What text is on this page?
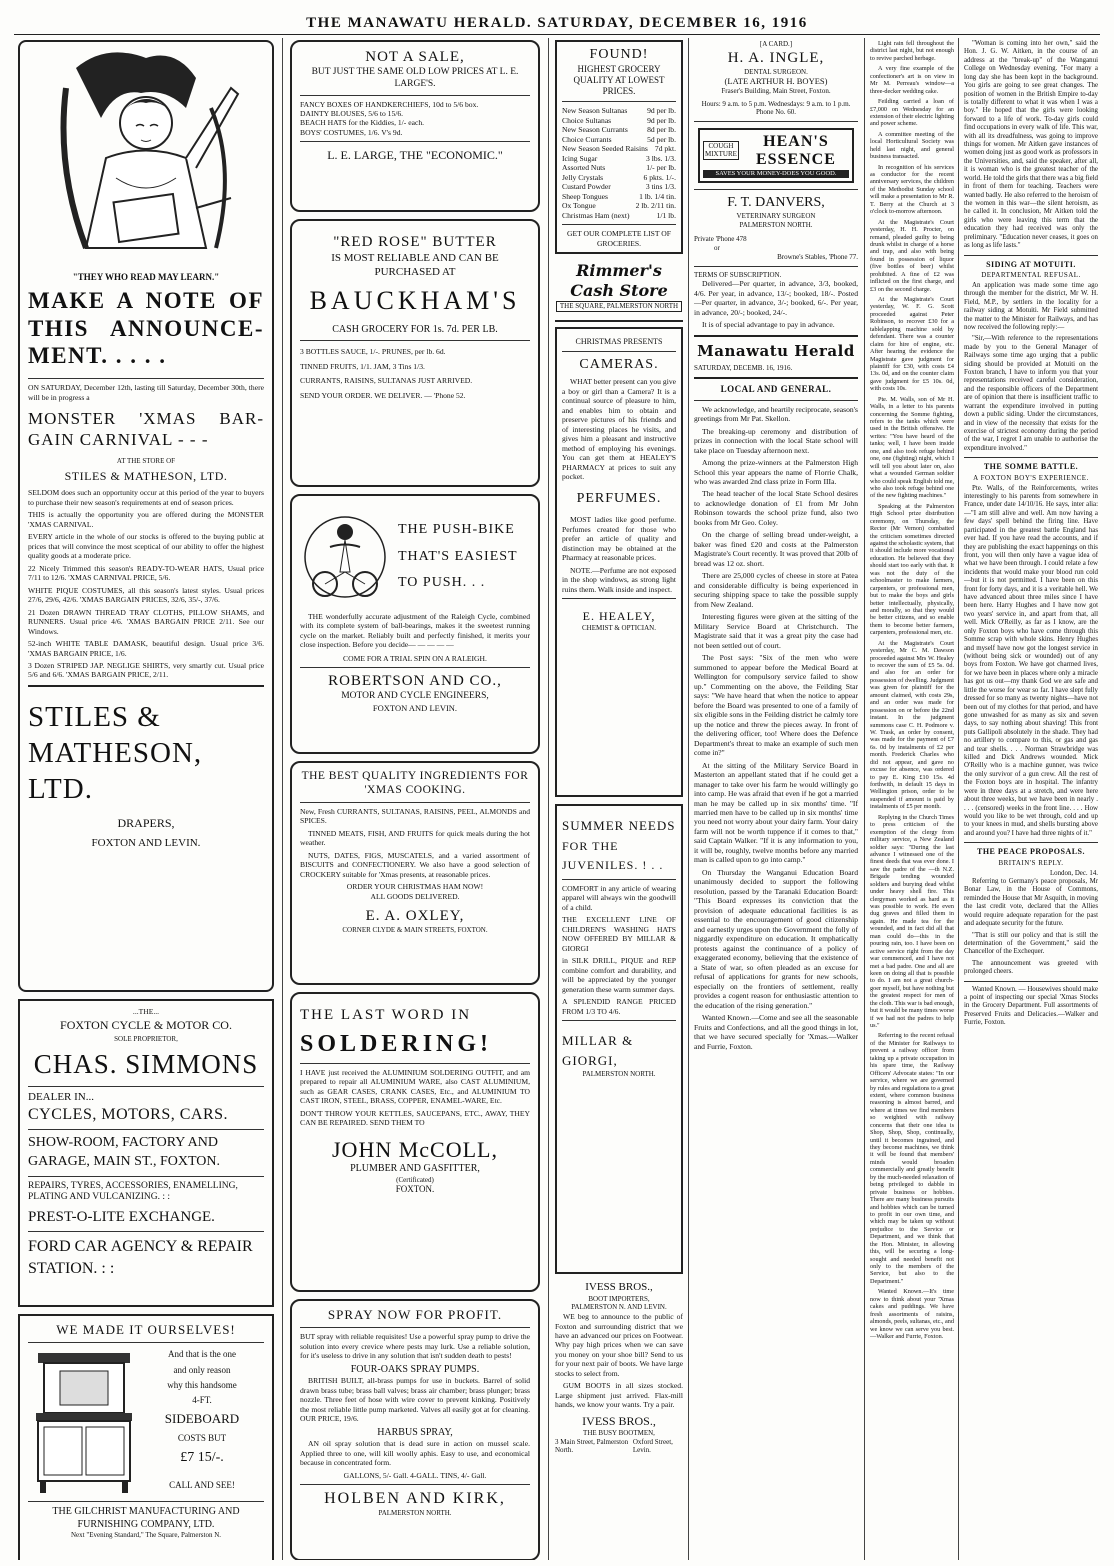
THE MANAWATU HERALD. SATURDAY, DECEMBER 16, 1916
"THEY WHO READ MAY LEARN."
MAKE A NOTE OF THIS ANNOUNCE-MENT. . . . .

ON SATURDAY, December 12th, lasting till Saturday, December 30th, there will be in progress a

MONSTER 'XMAS BAR-GAIN CARNIVAL - - -
AT THE STORE OF
STILES & MATHESON, LTD.

SELDOM does such an opportunity occur at this period of the year to buyers to purchase their new season's requirements at end of season prices.

THIS is actually the opportunity you are offered during the MONSTER 'XMAS CARNIVAL.

EVERY article in the whole of our stocks is offered to the buying public at prices that will convince the most sceptical of our ability to offer the highest quality goods at a moderate price.

22 Nicely Trimmed this season's READY-TO-WEAR HATS, Usual price 7/11 to 12/6. 'XMAS CARNIVAL PRICE, 5/6.

WHITE PIQUE COSTUMES, all this season's latest styles. Usual prices 27/6, 29/6, 42/6. 'XMAS BARGAIN PRICES, 32/6, 35/-, 37/6.

21 Dozen DRAWN THREAD TRAY CLOTHS, PILLOW SHAMS, and RUNNERS. Usual price 4/6. 'XMAS BARGAIN PRICE 2/11. See our Windows.

52-inch WHITE TABLE DAMASK, beautiful design. Usual price 3/6. 'XMAS BARGAIN PRICE, 1/6.

3 Dozen STRIPED JAP. NEGLIGE SHIRTS, very smartly cut. Usual price 5/6 and 6/6. 'XMAS BARGAIN PRICE, 2/11.

STILES & MATHESON, LTD.
DRAPERS,
FOXTON AND LEVIN.
...THE...
FOXTON CYCLE & MOTOR CO.
SOLE PROPRIETOR,
CHAS. SIMMONS
DEALER IN...
CYCLES, MOTORS, CARS.
SHOW-ROOM, FACTORY AND GARAGE, MAIN ST., FOXTON.
REPAIRS, TYRES, ACCESSORIES, ENAMELLING, PLATING AND VULCANIZING. : :
PREST-O-LITE EXCHANGE.
FORD CAR AGENCY & REPAIR STATION. : :
WE MADE IT OURSELVES!
And that is the one
and only reason
why this handsome
4-FT.
SIDEBOARD
COSTS BUT
£7 15/-.
CALL AND SEE!
THE GILCHRIST MANUFACTURING AND FURNISHING COMPANY, LTD.
Next "Evening Standard," The Square, Palmerston N.
NOT A SALE,
BUT JUST THE SAME OLD LOW PRICES AT L. E. LARGE'S.
FANCY BOXES OF HANDKERCHIEFS, 10d to 5/6 box.
DAINTY BLOUSES, 5/6 to 15/6.
BEACH HATS for the Kiddies, 1/- each.
BOYS' COSTUMES, 1/6. V's 9d.
L. E. LARGE, THE "ECONOMIC."
"RED ROSE" BUTTER
IS MOST RELIABLE AND CAN BE
PURCHASED AT
BAUCKHAM'S
CASH GROCERY FOR 1s. 7d. PER LB.
3 BOTTLES SAUCE, 1/-. PRUNES, per lb. 6d.
TINNED FRUITS, 1/1. JAM, 3 Tins 1/3.
CURRANTS, RAISINS, SULTANAS JUST ARRIVED.
SEND YOUR ORDER. WE DELIVER. — 'Phone 52.
THE PUSH-BIKE
THAT'S EASIEST
TO PUSH. . .

THE wonderfully accurate adjustment of the Raleigh Cycle, combined with its complete system of ball-bearings, makes it the sweetest running cycle on the market. Reliably built and perfectly finished, it merits your close inspection. Before you decide— — — — —

COME FOR A TRIAL SPIN ON A RALEIGH.
ROBERTSON AND CO.,
MOTOR AND CYCLE ENGINEERS,
FOXTON AND LEVIN.
THE BEST QUALITY INGREDIENTS FOR 'XMAS COOKING.

New, Fresh CURRANTS, SULTANAS, RAISINS, PEEL, ALMONDS and SPICES.

TINNED MEATS, FISH, AND FRUITS for quick meals during the hot weather.

NUTS, DATES, FIGS, MUSCATELS, and a varied assortment of BISCUITS and CONFECTIONERY. We also have a good selection of CROCKERY suitable for 'Xmas presents, at reasonable prices.

ORDER YOUR CHRISTMAS HAM NOW!
ALL GOODS DELIVERED.
E. A. OXLEY,
CORNER CLYDE & MAIN STREETS, FOXTON.
THE LAST WORD IN
SOLDERING!

I HAVE just received the ALUMINIUM SOLDERING OUTFIT, and am prepared to repair all ALUMINIUM WARE, also CAST ALUMINIUM, such as GEAR CASES, CRANK CASES, Etc., and ALUMINIUM TO CAST IRON, STEEL, BRASS, COPPER, ENAMEL-WARE, Etc.

DON'T THROW YOUR KETTLES, SAUCEPANS, ETC., AWAY, THEY CAN BE REPAIRED. SEND THEM TO

JOHN McCOLL,
PLUMBER AND GASFITTER,
(Certificated)
FOXTON.
SPRAY NOW FOR PROFIT.

BUT spray with reliable requisites! Use a powerful spray pump to drive the solution into every crevice where pests may lurk. Use a reliable solution, for it's useless to drive in any solution that isn't sudden death to pests!

FOUR-OAKS SPRAY PUMPS.

BRITISH BUILT, all-brass pumps for use in buckets. Barrel of solid drawn brass tube; brass ball valves; brass air chamber; brass plunger; brass nozzle. Three feet of hose with wire cover to prevent kinking. Positively the most reliable little pump marketed. Valves all easily got at for cleaning. OUR PRICE, 19/6.

HARBUS SPRAY,

AN oil spray solution that is dead sure in action on mussel scale. Applied three to one, will kill woolly aphis. Easy to use, and economical because in concentrated form.

GALLONS, 5/- Gall. 4-GALL. TINS, 4/- Gall.
HOLBEN AND KIRK,
PALMERSTON NORTH.
FOUND!
HIGHEST GROCERY QUALITY AT LOWEST PRICES.
New Season Sultanas	9d per lb.
Choice Sultanas	9d per lb.
New Season Currants	8d per lb.
Choice Currants	5d per lb.
New Season Seeded Raisins 7d pkt.
Icing Sugar	3 lbs. 1/3.
Assorted Nuts	1/- per lb.
Jelly Crystals	6 pkts. 1/-.
Custard Powder	3 tins 1/3.
Sheep Tongues	1 lb. 1/4 tin.
Ox Tongue	2 lb. 2/11 tin.
Christmas Ham (next)	1/1 lb.
GET OUR COMPLETE LIST OF GROCERIES.
Rimmer's Cash Store
THE SQUARE, PALMERSTON NORTH
CHRISTMAS PRESENTS
CAMERAS.

WHAT better present can you give a boy or girl than a Camera? It is a continual source of pleasure to him, and enables him to obtain and preserve pictures of his friends and of interesting places he visits, and gives him a pleasant and instructive method of employing his evenings. You can get them at HEALEY'S PHARMACY at prices to suit any pocket.

PERFUMES.

MOST ladies like good perfume. Perfumes created for those who prefer an article of quality and distinction may be obtained at the Pharmacy at reasonable prices.

NOTE.—Perfume are not exposed in the shop windows, as strong light ruins them. Walk inside and inspect.

E. HEALEY,
CHEMIST & OPTICIAN.
SUMMER NEEDS
FOR THE JUVENILES. ! . .

COMFORT in any article of wearing apparel will always win the goodwill of a child.

THE EXCELLENT LINE OF CHILDREN'S WASHING HATS NOW OFFERED BY MILLAR & GIORGI

in SILK DRILL, PIQUE and REP combine comfort and durability, and will be appreciated by the younger generation these warm summer days.

A SPLENDID RANGE PRICED FROM 1/3 TO 4/6.

MILLAR & GIORGI,
PALMERSTON NORTH.
IVESS BROS.,
BOOT IMPORTERS,
PALMERSTON N. AND LEVIN.

WE beg to announce to the public of Foxton and surrounding district that we have an advanced our prices on Footwear. Why pay high prices when we can save you money on your shoe bill? Send to us for your next pair of boots. We have large stocks to select from.

GUM BOOTS in all sizes stocked. Large shipment just arrived. Flax-mill hands, we know your wants. Try a pair.

IVESS BROS.,
THE BUSY BOOTMEN,
3 Main Street, Palmerston North.
Oxford Street, Levin.
[A CARD.]
H. A. INGLE,
DENTAL SURGEON.
(LATE ARTHUR H. BOYES)
Fraser's Building, Main Street, Foxton.
Hours: 9 a.m. to 5 p.m. Wednesdays: 9 a.m. to 1 p.m.
Phone No. 60.
COUGH
MIXTURE
HEAN'S ESSENCE
SAVES YOUR MONEY-DOES YOU GOOD.
F. T. DANVERS,
VETERINARY SURGEON
PALMERSTON NORTH.
Private 'Phone 478
or
Browne's Stables, 'Phone 77.
TERMS OF SUBSCRIPTION.

Delivered—Per quarter, in advance, 3/3, booked, 4/6. Per year, in advance, 13/-; booked, 18/-. Posted—Per quarter, in advance, 3/-; booked, 6/-. Per year, in advance, 20/-; booked, 24/-.

It is of special advantage to pay in advance.

Manawatu Herald
SATURDAY, DECEMB. 16, 1916.
LOCAL AND GENERAL.

We acknowledge, and heartily reciprocate, season's greetings from Mr Pat. Skellon.

The breaking-up ceremony and distribution of prizes in connection with the local State school will take place on Tuesday afternoon next.

Among the prize-winners at the Palmerston High School this year appears the name of Florrie Chalk, who was awarded 2nd class prize in Form IIIa.

The head teacher of the local State School desires to acknowledge donation of £1 from Mr John Robinson towards the school prize fund, also two books from Mr Geo. Coley.

On the charge of selling bread under-weight, a baker was fined £20 and costs at the Palmerston Magistrate's Court recently. It was proved that 20lb of bread was 12 oz. short.

There are 25,000 cycles of cheese in store at Patea and considerable difficulty is being experienced in securing shipping space to take the possible supply from New Zealand.

Interesting figures were given at the sitting of the Military Service Board at Christchurch. The Magistrate said that it was a great pity the case had not been settled out of court.

The Post says: "Six of the men who were summoned to appear before the Medical Board at Wellington for compulsory service failed to show up." Commenting on the above, the Feilding Star says: "We have heard that when the notice to appear before the Board was presented to one of a family of six eligible sons in the Feilding district he calmly tore up the notice and threw the pieces away. In front of the delivering officer, too! Where does the Defence Department's threat to make an example of such men come in?"

At the sitting of the Military Service Board in Masterton an appellant stated that if he could get a manager to take over his farm he would willingly go into camp. He was afraid that even if he got a married man he may be called up in six months' time. "If married men have to be called up in six months' time you need not worry about your dairy farm. Your dairy farm will not be worth tuppence if it comes to that," said Captain Walker. "If it is any information to you, it will be, roughly, twelve months before any married man is called upon to go into camp."

On Thursday the Wanganui Education Board unanimously decided to support the following resolution, passed by the Taranaki Education Board: "This Board expresses its conviction that the provision of adequate educational facilities is as essential to the encouragement of good citizenship and earnestly urges upon the Government the folly of niggardly expenditure on education. It emphatically protests against the continuance of a policy of exaggerated economy, believing that the existence of a State of war, so often pleaded as an excuse for refusal of applications for grants for new schools, especially on the frontiers of settlement, really provides a cogent reason for enthusiastic attention to the education of the rising generation."

Wanted Known.—Come and see all the seasonable Fruits and Confections, and all the good things in lot, that we have secured specially for 'Xmas.—Walker and Furrie, Foxton.

Light rain fell throughout the district last night, but not enough to revive parched herbage.

A very fine example of the confectioner's art is on view in Mr M. Perreau's window—a three-decker wedding cake.

Feilding carried a loan of £7,000 on Wednesday for an extension of their electric lighting and power scheme.

A committee meeting of the local Horticultural Society was held last night, and general business transacted.

In recognition of his services as conductor for the recent anniversary services, the children of the Methodist Sunday school will make a presentation to Mr R. T. Berry at the Church at 3 o'clock to-morrow afternoon.

At the Magistrate's Court yesterday, H. H. Procter, on remand, pleaded guilty to being drunk whilst in charge of a horse and trap, and also with being found in possession of liquor (five bottles of beer) whilst prohibited. A fine of £2 was inflicted on the first charge, and £3 on the second charge.

At the Magistrate's Court yesterday, W. F. G. Scott proceeded against Peter Robinson, to recover £30 for a tablelapping machine sold by defendant. There was a counter claim for hire of engine, etc. After hearing the evidence the Magistrate gave judgment for plaintiff for £30, with costs £4 13s. 0d, and on the counter claim gave judgment for £5 10s. 0d, with costs 10s.

Pte. M. Walls, son of Mr H. Walls, in a letter to his parents concerning the Somme fighting, refers to the tanks which were used in the British offensive. He writes: "You have heard of the tanks; well, I have been inside one, and also took refuge behind one, one (fighting) night, which I will tell you about later on, also what a wounded German soldier who could speak English told me, who also took refuge behind one of the new fighting machines."

Speaking at the Palmerston High School prize distribution ceremony, on Thursday, the Rector (Mr Vernon) combatted the criticism sometimes directed against the scholastic system, that it should include more vocational education. He believed that they should start too early with that. It was not the duty of the schoolmaster to make farmers, carpenters, or professional men, but to make the boys and girls better intellectually, physically, and morally, so that they would be better citizens, and so enable them to become better farmers, carpenters, professional men, etc.

At the Magistrate's Court yesterday, Mr C. M. Dawson proceeded against Mrs W. Healey to recover the sum of £5 5s. 0d. and also for an order for possession of dwelling. Judgment was given for plaintiff for the amount claimed, with costs 29s, and an order was made for possession on or before the 22nd instant. In the judgment summons case C. H. Podmore v. W. Trask, an order by consent, was made for the payment of £7 6s. 0d by instalments of £2 per month. Frederick Charles who did not appear, and gave no excuse for absence, was ordered to pay E. King £10 15s. 4d forthwith, in default 15 days in Wellington prison, order to be suspended if amount is paid by instalments of £5 per month.

Replying in the Church Times to press criticism of the exemption of the clergy from military service, a New Zealand soldier says: "During the last advance I witnessed one of the finest deeds that was ever done. I saw the padre of the —th N.Z. Brigade tending wounded soldiers and burying dead whilst under heavy shell fire. This clergyman worked as hard as it was possible to work. He even dug graves and filled them in again. He made tea for the wounded, and in fact did all that man could do—this in the pouring rain, too. I have been on active service right from the day war commenced, and I have not met a bad padre. One and all are keen on doing all that is possible to do. I am not a great church-goer myself, but have nothing but the greatest respect for men of the cloth. This war is bad enough, but it would be many times worse if we had not the padres to help us."

Referring to the recent refusal of the Minister for Railways to prevent a railway officer from taking up a private occupation in his spare time, the Railway Officers' Advocate states: "In our service, where we are governed by rules and regulations to a great extent, where common business reasoning is almost barred, and where at times we find members so weighted with railway concerns that their one idea is Shop, Shop, Shop, continually, until it becomes ingrained, and they become machines, we think it will be found that members' minds would broaden commercially and greatly benefit by the much-needed relaxation of being privileged to dabble in private business or hobbies. There are many business pursuits and hobbies which can be turned to profit in our own time, and which may be taken up without prejudice to the Service or Department, and we think that the Hon. Minister, in allowing this, will be securing a long-sought and needed benefit not only to the members of the Service, but also to the Department."

Wanted Known.—It's time now to think about your 'Xmas cakes and puddings. We have fresh assortments of raisins, almonds, peels, sultanas, etc., and we know we can serve you best.—Walker and Furrie, Foxton.

"Woman is coming into her own," said the Hon. J. G. W. Aitken, in the course of an address at the "break-up" of the Wanganui College on Wednesday evening. "For many a long day she has been kept in the background. You girls are going to see great changes. The position of women in the British Empire to-day is totally different to what it was when I was a boy." He hoped that the girls were looking forward to a life of work. To-day girls could find occupations in every walk of life. This war, with all its dreadfulness, was going to improve things for women. Mr Aitken gave instances of women doing just as good work as professors in the Universities, and, said the speaker, after all, it is woman who is the greatest teacher of the world. He told the girls that there was a big field in front of them for teaching. Teachers were wanted badly. He also referred to the heroism of the women in this war—the silent heroism, as he called it. In conclusion, Mr Aitken told the girls who were leaving this term that the education they had received was only the preliminary. "Education never ceases, it goes on as long as life lasts."

SIDING AT MOTUITI.
DEPARTMENTAL REFUSAL.

An application was made some time ago through the member for the district, Mr W. H. Field, M.P., by settlers in the locality for a railway siding at Motuiti. Mr Field submitted the matter to the Minister for Railways, and has now received the following reply:—

"Sir,—With reference to the representations made by you to the General Manager of Railways some time ago urging that a public siding should be provided at Motuiti on the Foxton branch, I have to inform you that your representations received careful consideration, and the responsible officers of the Department are of opinion that there is insufficient traffic to warrant the expenditure involved in putting down a public siding. Under the circumstances, and in view of the necessity that exists for the exercise of strictest economy during the period of the war, I regret I am unable to authorise the expenditure involved."

THE SOMME BATTLE.
A FOXTON BOY'S EXPERIENCE.

Pte. Walls, of the Reinforcements, writes interestingly to his parents from somewhere in France, under date 14/10/16. He says, inter alia:—"I am still alive and well. Am now having a few days' spell behind the firing line. Have participated in the greatest battle England has ever had. If you have read the accounts, and if they are publishing the exact happenings on this front, you will then only have a vague idea of what we have been through. I could relate a few incidents that would make your blood run cold—but it is not permitted. I have been on this front for forty days, and it is a veritable hell. We have advanced about three miles since I have been here. Harry Hughes and I have now got two years' service in, and apart from that, all well. Mick O'Reilly, as far as I know, are the only Foxton boys who have come through this Somme scrap with whole skins. Henry Hughes and myself have now got the longest service in (without being sick or wounded) out of any boys from Foxton. We have got charmed lives, for we have been in places where only a miracle has got us out—my thank God we are safe and little the worse for wear so far. I have slept fully dressed for so many as twenty nights—have not been out of my clothes for that period, and have gone unwashed for as many as six and seven days, to say nothing about shaving! This front puts Gallipoli absolutely in the shade. They had no artillery to compare to this, or gas and gas and tear shells. . . . Norman Strawbridge was killed and Dick Andrews wounded. Mick O'Reilly who is a machine gunner, was twice the only survivor of a gun crew. All the rest of the Foxton boys are in hospital. The infantry were in three days at a stretch, and were here about three weeks, but we have been in nearly . . . . (censored) weeks in the front line. . . . How would you like to be wet through, cold and up to your knees in mud, and shells bursting above and around you? I have had three nights of it."

THE PEACE PROPOSALS.
BRITAIN'S REPLY.
London, Dec. 14.

Referring to Germany's peace proposals, Mr Bonar Law, in the House of Commons, reminded the House that Mr Asquith, in moving the last credit vote, declared that the Allies would require adequate reparation for the past and adequate security for the future.

"That is still our policy and that is still the determination of the Government," said the Chancellor of the Exchequer.

The announcement was greeted with prolonged cheers.

Wanted Known. — Housewives should make a point of inspecting our special 'Xmas Stocks in the Grocery Department. Full assortments of Preserved Fruits and Delicacies.—Walker and Furrie, Foxton.
